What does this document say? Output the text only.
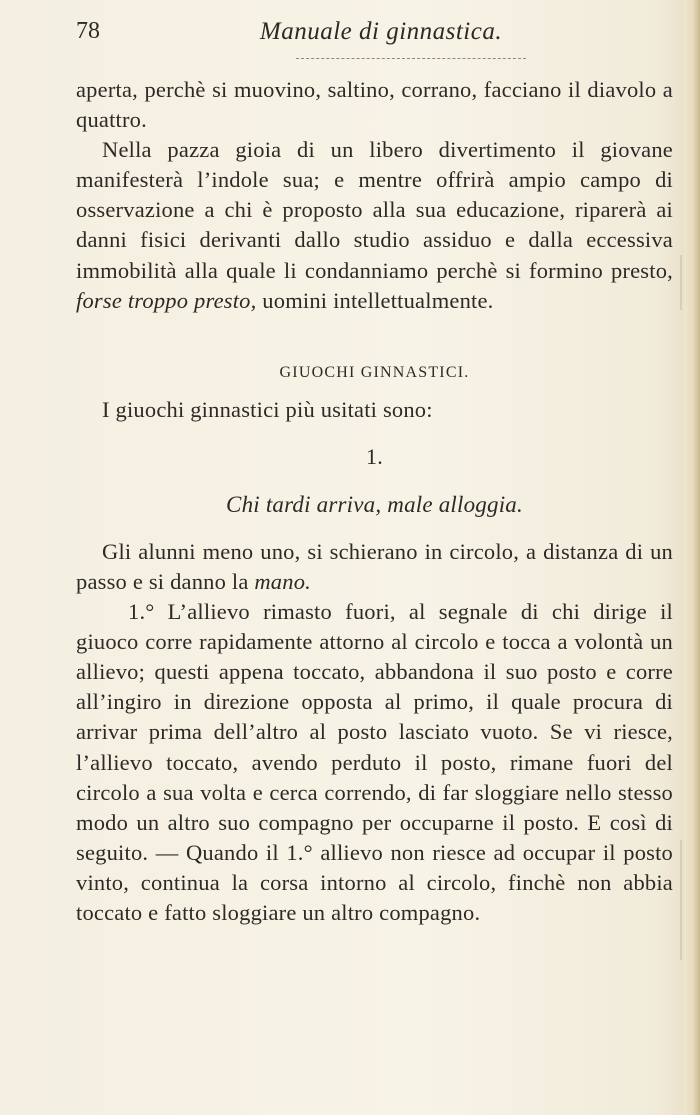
78	Manuale di ginnastica.

aperta, perchè si muovino, saltino, corrano, facciano il diavolo a quattro.

Nella pazza gioia di un libero divertimento il giovane manifesterà l’indole sua; e mentre offrirà ampio campo di osservazione a chi è proposto alla sua educazione, riparerà ai danni fisici derivanti dallo studio assiduo e dalla eccessiva immobilità alla quale li condanniamo perchè si formino presto, forse troppo presto, uomini intellettualmente.

GIUOCHI GINNASTICI.

I giuochi ginnastici più usitati sono:

1.
Chi tardi arriva, male alloggia.

Gli alunni meno uno, si schierano in circolo, a distanza di un passo e si danno la mano.

1.° L’allievo rimasto fuori, al segnale di chi dirige il giuoco corre rapidamente attorno al circolo e tocca a volontà un allievo; questi appena toccato, abbandona il suo posto e corre all’ingiro in direzione opposta al primo, il quale procura di arrivar prima dell’altro al posto lasciato vuoto. Se vi riesce, l’allievo toccato, avendo perduto il posto, rimane fuori del circolo a sua volta e cerca correndo, di far sloggiare nello stesso modo un altro suo compagno per occuparne il posto. E così di seguito. — Quando il 1.° allievo non riesce ad occupar il posto vinto, continua la corsa intorno al circolo, finchè non abbia toccato e fatto sloggiare un altro compagno.
